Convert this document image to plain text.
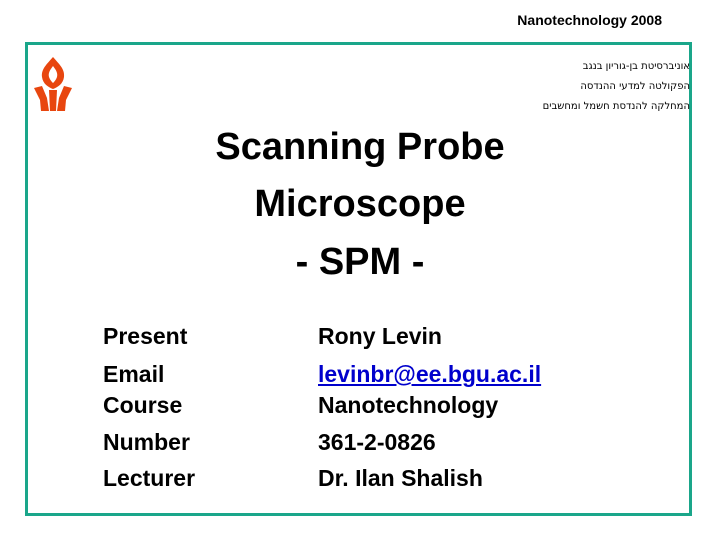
Nanotechnology 2008
אוניברסיטת בן-גוריון בנגב
הפקולטה למדעי ההנדסה
המחלקה להנדסת חשמל ומחשבים
Scanning Probe
Microscope
- SPM -
Present	Rony Levin
Email	levinbr@ee.bgu.ac.il
Course	Nanotechnology
Number	361-2-0826
Lecturer	Dr. Ilan Shalish
